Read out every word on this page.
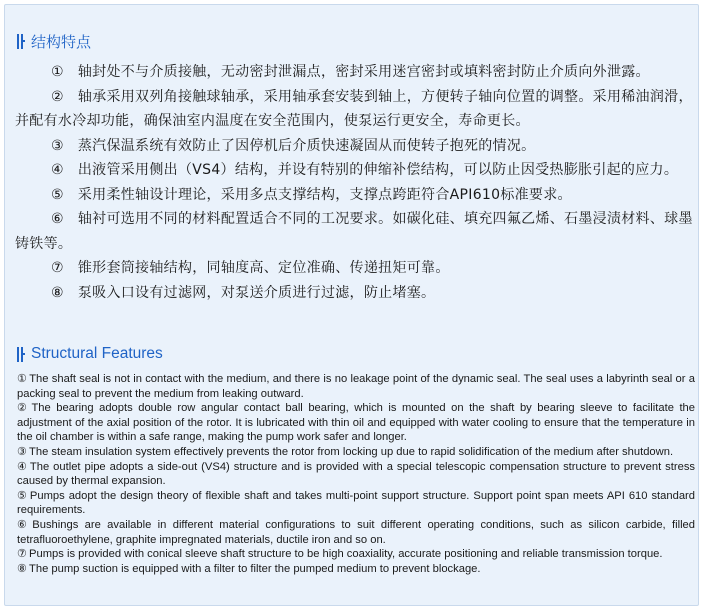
结构特点

① 轴封处不与介质接触，无动密封泄漏点，密封采用迷宫密封或填料密封防止介质向外泄露。

② 轴承采用双列角接触球轴承，采用轴承套安装到轴上，方便转子轴向位置的调整。采用稀油润滑，并配有水冷却功能，确保油室内温度在安全范围内，使泵运行更安全，寿命更长。

③ 蒸汽保温系统有效防止了因停机后介质快速凝固从而使转子抱死的情况。

④ 出液管采用侧出（VS4）结构，并设有特别的伸缩补偿结构，可以防止因受热膨胀引起的应力。

⑤ 采用柔性轴设计理论，采用多点支撑结构，支撑点跨距符合API610标准要求。

⑥ 轴衬可选用不同的材料配置适合不同的工况要求。如碳化硅、填充四氟乙烯、石墨浸渍材料、球墨铸铁等。

⑦ 锥形套筒接轴结构，同轴度高、定位准确、传递扭矩可靠。

⑧ 泵吸入口设有过滤网，对泵送介质进行过滤，防止堵塞。

Structural Features

① The shaft seal is not in contact with the medium, and there is no leakage point of the dynamic seal. The seal uses a labyrinth seal or a packing seal to prevent the medium from leaking outward.

② The bearing adopts double row angular contact ball bearing, which is mounted on the shaft by bearing sleeve to facilitate the adjustment of the axial position of the rotor. It is lubricated with thin oil and equipped with water cooling to ensure that the temperature in the oil chamber is within a safe range, making the pump work safer and longer.

③ The steam insulation system effectively prevents the rotor from locking up due to rapid solidification of the medium after shutdown.

④ The outlet pipe adopts a side-out (VS4) structure and is provided with a special telescopic compensation structure to prevent stress caused by thermal expansion.

⑤ Pumps adopt the design theory of flexible shaft and takes multi-point support structure. Support point span meets API 610 standard requirements.

⑥ Bushings are available in different material configurations to suit different operating conditions, such as silicon carbide, filled tetrafluoroethylene, graphite impregnated materials, ductile iron and so on.

⑦ Pumps is provided with conical sleeve shaft structure to be high coaxiality, accurate positioning and reliable transmission torque.

⑧ The pump suction is equipped with a filter to filter the pumped medium to prevent blockage.
